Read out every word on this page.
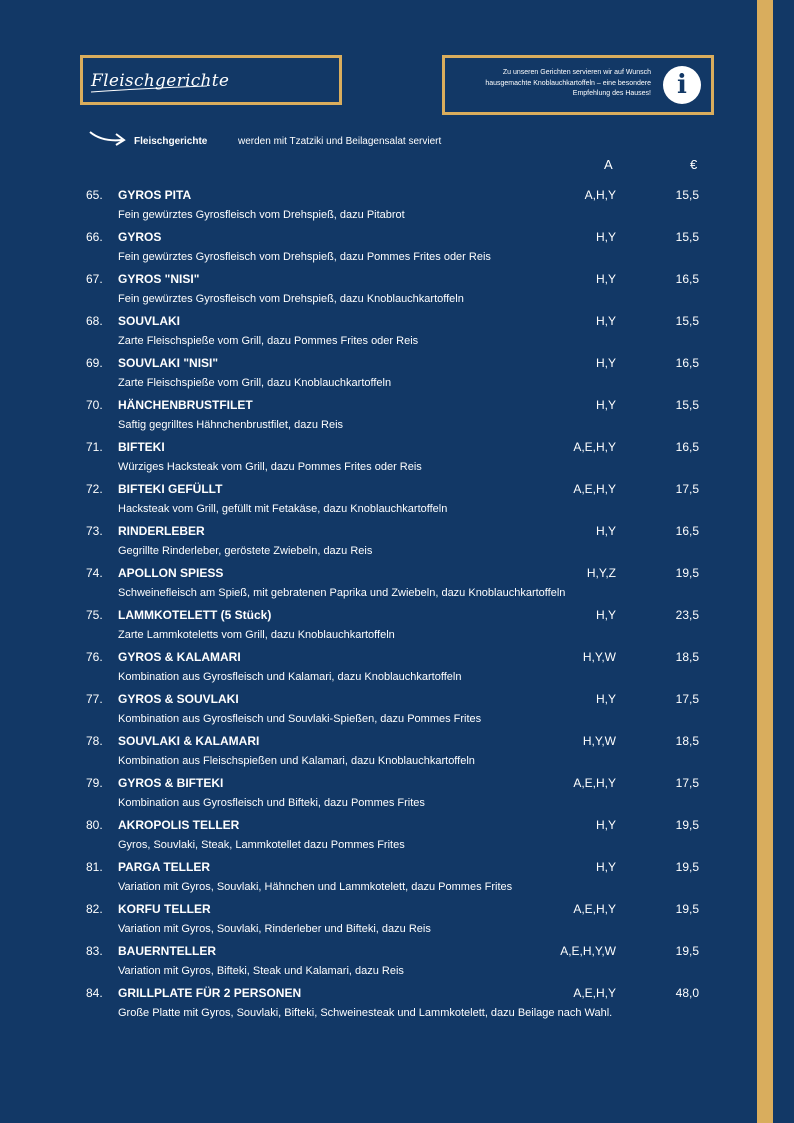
Fleischgerichte	Zu unseren Gerichten servieren wir auf Wunsch hausgemachte Knoblauchkartoffeln – eine besondere Empfehlung des Hauses!	i
Fleischgerichte	werden mit Tzatziki und Beilagensalat serviert
A	€
65. GYROS PITA	A,H,Y	15,5
Fein gewürztes Gyrosfleisch vom Drehspieß, dazu Pitabrot
66. GYROS	H,Y	15,5
Fein gewürztes Gyrosfleisch vom Drehspieß, dazu Pommes Frites oder Reis
67. GYROS "NISI"	H,Y	16,5
Fein gewürztes Gyrosfleisch vom Drehspieß, dazu Knoblauchkartoffeln
68. SOUVLAKI	H,Y	15,5
Zarte Fleischspieße vom Grill, dazu Pommes Frites oder Reis
69. SOUVLAKI "NISI"	H,Y	16,5
Zarte Fleischspieße vom Grill, dazu Knoblauchkartoffeln
70. HÄNCHENBRUSTFILET	H,Y	15,5
Saftig gegrilltes Hähnchenbrustfilet, dazu Reis
71. BIFTEKI	A,E,H,Y	16,5
Würziges Hacksteak vom Grill, dazu Pommes Frites oder Reis
72. BIFTEKI GEFÜLLT	A,E,H,Y	17,5
Hacksteak vom Grill, gefüllt mit Fetakäse, dazu Knoblauchkartoffeln
73. RINDERLEBER	H,Y	16,5
Gegrillte Rinderleber, geröstete Zwiebeln, dazu Reis
74. APOLLON SPIESS	H,Y,Z	19,5
Schweinefleisch am Spieß, mit gebratenen Paprika und Zwiebeln, dazu Knoblauchkartoffeln
75. LAMMKOTELETT (5 Stück)	H,Y	23,5
Zarte Lammkoteletts vom Grill, dazu Knoblauchkartoffeln
76. GYROS & KALAMARI	H,Y,W	18,5
Kombination aus Gyrosfleisch und Kalamari, dazu Knoblauchkartoffeln
77. GYROS & SOUVLAKI	H,Y	17,5
Kombination aus Gyrosfleisch und Souvlaki-Spießen, dazu Pommes Frites
78. SOUVLAKI & KALAMARI	H,Y,W	18,5
Kombination aus Fleischspießen und Kalamari, dazu Knoblauchkartoffeln
79. GYROS & BIFTEKI	A,E,H,Y	17,5
Kombination aus Gyrosfleisch und Bifteki, dazu Pommes Frites
80. AKROPOLIS TELLER	H,Y	19,5
Gyros, Souvlaki, Steak, Lammkotellet dazu Pommes Frites
81. PARGA TELLER	H,Y	19,5
Variation mit Gyros, Souvlaki, Hähnchen und Lammkotelett, dazu Pommes Frites
82. KORFU TELLER	A,E,H,Y	19,5
Variation mit Gyros, Souvlaki, Rinderleber und Bifteki, dazu Reis
83. BAUERNTELLER	A,E,H,Y,W	19,5
Variation mit Gyros, Bifteki, Steak und Kalamari, dazu Reis
84. GRILLPLATE FÜR 2 PERSONEN	A,E,H,Y	48,0
Große Platte mit Gyros, Souvlaki, Bifteki, Schweinesteak und Lammkotelett, dazu Beilage nach Wahl.
